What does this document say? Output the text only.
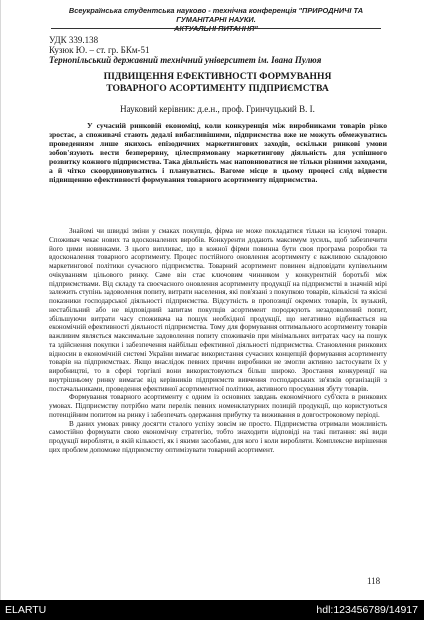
Всеукраїнська студентська науково - технічна конференція "ПРИРОДНИЧІ ТА ГУМАНІТАРНІ НАУКИ.
АКТУАЛЬНІ ПИТАННЯ"
УДК 339.138
Кузюк Ю. – ст. гр. БКм-51
Тернопільський державний технічний університет ім. Івана Пулюя
ПІДВИЩЕННЯ ЕФЕКТИВНОСТІ ФОРМУВАННЯ
ТОВАРНОГО АСОРТИМЕНТУ ПІДПРИЄМСТВА
Науковий керівник: д.е.н., проф. Гринчуцький В. І.

У сучасній ринковій економіці, коли конкуренція між виробниками товарів різко зростає, а споживачі стають дедалі вибагливішими, підприємства вже не можуть обмежуватись проведенням лише якихось епізодичних маркетингових заходів, оскільки ринкові умови зобов'язують вести безперервну, цілеспрямовану маркетингову діяльність для успішного розвитку кожного підприємства. Така діяльність має наповнюватися не тільки різними заходами, а й чітко скоординовуватись і плануватись. Вагоме місце в цьому процесі слід відвести підвищенню ефективності формування товарного асортименту підприємства.

Знайомі чи швидкі зміни у смаках покупців, фірма не може покладатися тільки на існуючі товари. Споживач чекає нових та вдосконалених виробів. Конкуренти додають максимум зусиль, щоб забезпечити його цими новинками. З цього випливає, що в кожної фірми повинна бути своя програма розробки та вдосконалення товарного асортименту. Процес постійного оновлення асортименту є важливою складовою маркетингової політики сучасного підприємства. Товарний асортимент повинен відповідати купівельним очікуванням цільового ринку. Саме він стає ключовим чинником у конкурентній боротьбі між підприємствами. Від складу та своєчасного оновлення асортименту продукції на підприємстві в значній мірі залежить ступінь задоволення попиту, витрати населення, які пов'язані з покупкою товарів, кількісні та якісні показники господарської діяльності підприємства. Відсутність в пропозиції окремих товарів, їх вузький, нестабільний або не відповідний запитам покупців асортимент породжують незадоволений попит, збільшуючи витрати часу споживача на пошук необхідної продукції, що негативно відбивається на економічній ефективності діяльності підприємства. Тому для формування оптимального асортименту товарів важливим являється максимальне задоволення попиту споживачів при мінімальних витратах часу на пошук та здійснення покупки і забезпечення найбільш ефективної діяльності підприємства. Становлення ринкових відносин в економічній системі України вимагає використання сучасних концепцій формування асортименту товарів на підприємствах. Якщо внаслідок певних причин виробники не змогли активно застосувати їх у виробництві, то в сфері торгівлі вони використовуються більш широко. Зростання конкуренції на внутрішньому ринку вимагає від керівників підприємств вивчення господарських зв'язків організацій з постачальниками, проведення ефективної асортиментної політики, активного просування збуту товарів.

Формування товарного асортименту є одним із основних завдань економічного суб'єкта в ринкових умовах. Підприємству потрібно мати перелік певних номенклатурних позицій продукції, що користуються потенційним попитом на ринку і забезпечать одержання прибутку та виживання в довгостроковому періоді.

В даних умовах ринку досягти сталого успіху зовсім не просто. Підприємства отримали можливість самостійно формувати свою економічну стратегію, тобто знаходити відповіді на такі питання: які види продукції виробляти, в якій кількості, як і якими засобами, для кого і коли виробляти. Комплексне вирішення цих проблем допоможе підприємству оптимізувати товарний асортимент.

118
ELARTU	hdl:123456789/14917
